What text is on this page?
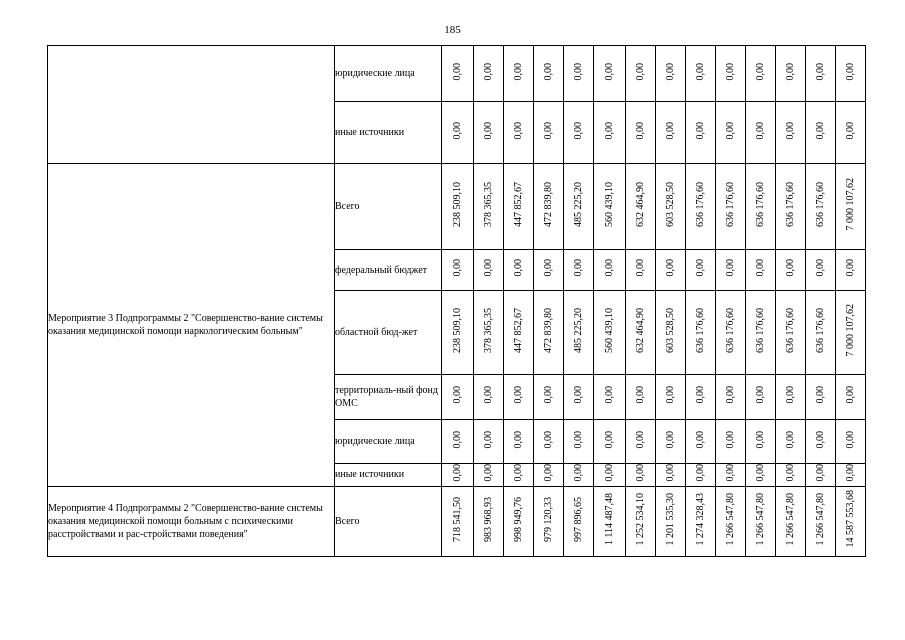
185
	юридические лица	0,00	0,00	0,00	0,00	0,00	0,00	0,00	0,00	0,00	0,00	0,00	0,00	0,00	0,00
	иные источники	0,00	0,00	0,00	0,00	0,00	0,00	0,00	0,00	0,00	0,00	0,00	0,00	0,00	0,00
Мероприятие 3 Подпрограммы 2 "Совершенство-вание системы оказания медицинской помощи наркологическим больным"	Всего	238 509,10	378 365,35	447 852,67	472 839,80	485 225,20	560 439,10	632 464,90	603 528,50	636 176,60	636 176,60	636 176,60	636 176,60	636 176,60	7 000 107,62
	федеральный бюджет	0,00	0,00	0,00	0,00	0,00	0,00	0,00	0,00	0,00	0,00	0,00	0,00	0,00	0,00
	областной бюд-жет	238 509,10	378 365,35	447 852,67	472 839,80	485 225,20	560 439,10	632 464,90	603 528,50	636 176,60	636 176,60	636 176,60	636 176,60	636 176,60	7 000 107,62
	территориаль-ный фонд ОМС	0,00	0,00	0,00	0,00	0,00	0,00	0,00	0,00	0,00	0,00	0,00	0,00	0,00	0,00
	юридические лица	0,00	0,00	0,00	0,00	0,00	0,00	0,00	0,00	0,00	0,00	0,00	0,00	0,00	0,00
	иные источники	0,00	0,00	0,00	0,00	0,00	0,00	0,00	0,00	0,00	0,00	0,00	0,00	0,00	0,00
Мероприятие 4 Подпрограммы 2 "Совершенство-вание системы оказания медицинской помощи больным с психическими расстройствами и рас-стройствами поведения"	Всего	718 541,50	983 968,93	998 949,76	979 120,33	997 896,65	1 114 487,48	1 252 534,10	1 201 535,30	1 274 328,43	1 266 547,80	1 266 547,80	1 266 547,80	1 266 547,80	14 587 553,68
